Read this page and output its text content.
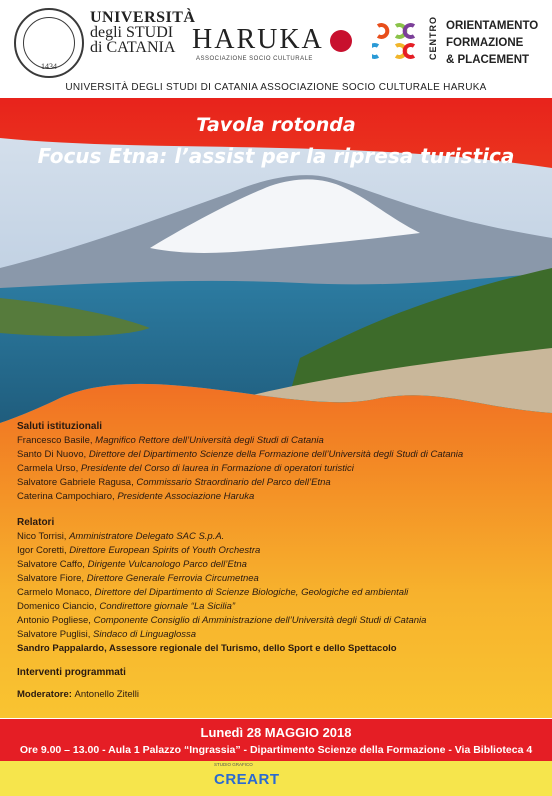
1434
UNIVERSITÀ
degli STUDI
di CATANIA HARUKA
ASSOCIAZIONE SOCIO CULTURALE	CENTRO ORIENTAMENTO
FORMAZIONE
& PLACEMENT
UNIVERSITÀ DEGLI STUDI DI CATANIA ASSOCIAZIONE SOCIO CULTURALE HARUKA
Tavola rotonda
Focus Etna: l’assist per la ripresa turistica
Saluti istituzionali
Francesco Basile, Magnifico Rettore dell’Università degli Studi di Catania
Santo Di Nuovo, Direttore del Dipartimento Scienze della Formazione dell’Università degli Studi di Catania
Carmela Urso, Presidente del Corso di laurea in Formazione di operatori turistici
Salvatore Gabriele Ragusa, Commissario Straordinario del Parco dell’Etna
Caterina Campochiaro, Presidente Associazione Haruka
Relatori
Nico Torrisi, Amministratore Delegato SAC S.p.A.
Igor Coretti, Direttore European Spirits of Youth Orchestra
Salvatore Caffo, Dirigente Vulcanologo Parco dell’Etna
Salvatore Fiore, Direttore Generale Ferrovia Circumetnea
Carmelo Monaco, Direttore del Dipartimento di Scienze Biologiche, Geologiche ed ambientali
Domenico Ciancio, Condirettore giornale “La Sicilia”
Antonio Pogliese, Componente Consiglio di Amministrazione dell’Università degli Studi di Catania
Salvatore Puglisi, Sindaco di Linguaglossa
Sandro Pappalardo, Assessore regionale del Turismo, dello Sport e dello Spettacolo
Interventi programmati
Moderatore: Antonello Zitelli
Lunedì 28 MAGGIO 2018
Ore 9.00 – 13.00 - Aula 1 Palazzo “Ingrassia” - Dipartimento Scienze della Formazione - Via Biblioteca 4
STUDIO GRAFICO
CREART
